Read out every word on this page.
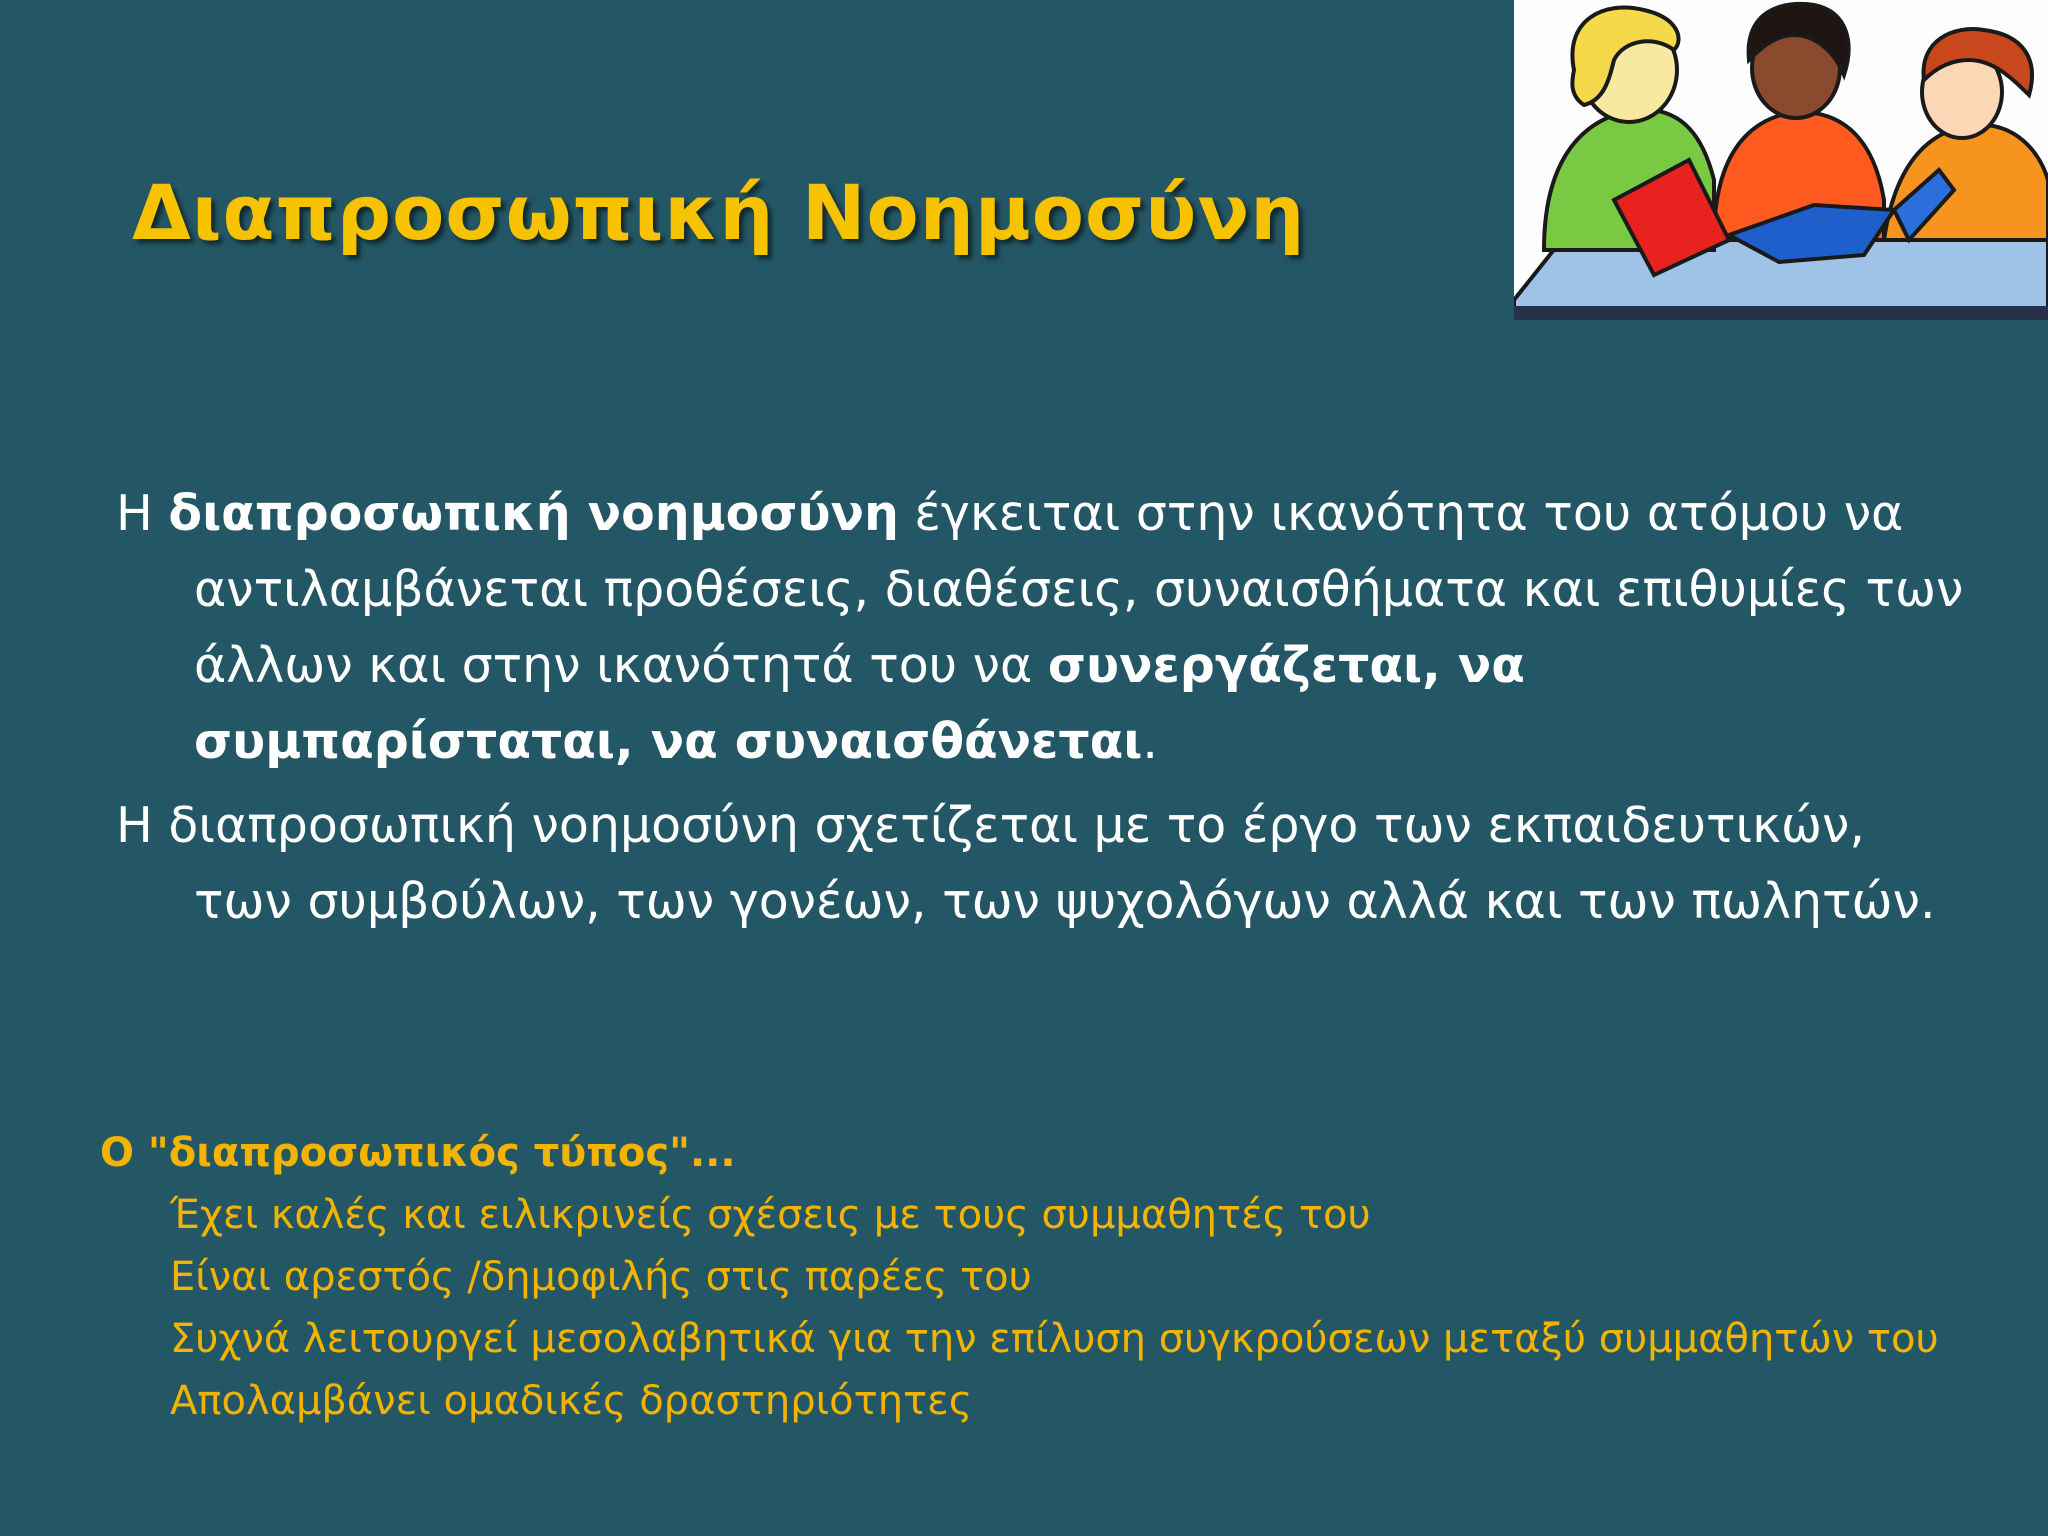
Διαπροσωπική Νοημοσύνη

Η διαπροσωπική νοημοσύνη έγκειται στην ικανότητα του ατόμου να αντιλαμβάνεται προθέσεις, διαθέσεις, συναισθήματα και επιθυμίες των άλλων και στην ικανότητά του να συνεργάζεται, να συμπαρίσταται, να συναισθάνεται.

Η διαπροσωπική νοημοσύνη σχετίζεται με το έργο των εκπαιδευτικών, των συμβούλων, των γονέων, των ψυχολόγων αλλά και των πωλητών.

Ο "διαπροσωπικός τύπος"...
Έχει καλές και ειλικρινείς σχέσεις με τους συμμαθητές του
Είναι αρεστός /δημοφιλής στις παρέες του
Συχνά λειτουργεί μεσολαβητικά για την επίλυση συγκρούσεων μεταξύ συμμαθητών του
Απολαμβάνει ομαδικές δραστηριότητες
